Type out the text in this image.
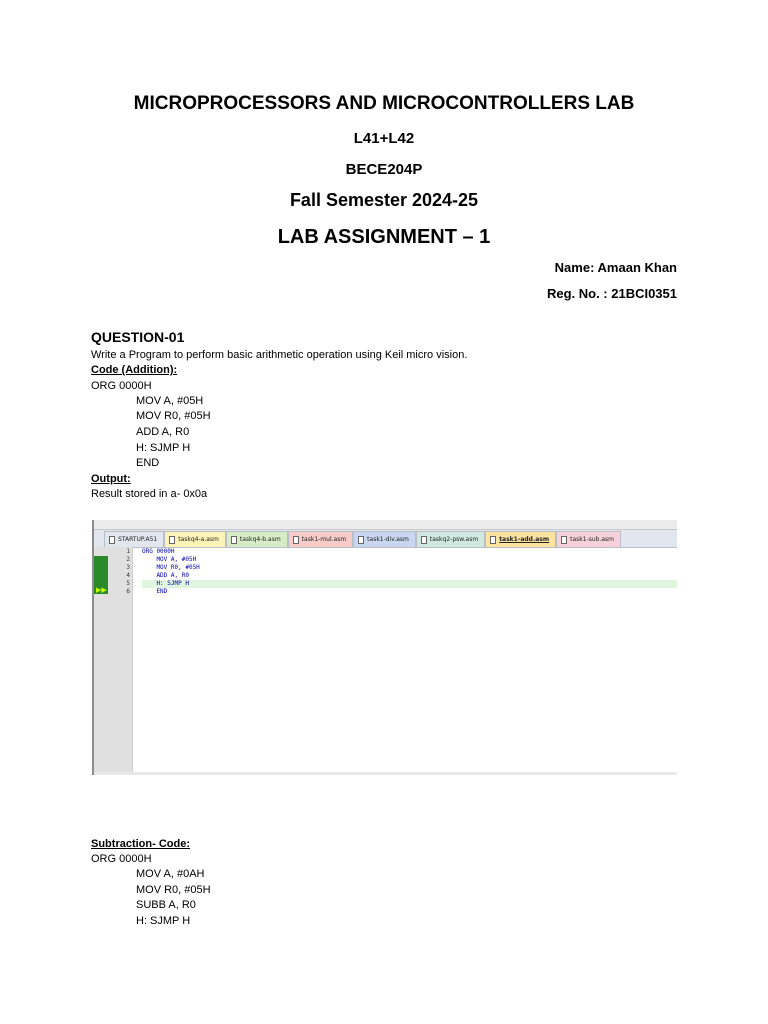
MICROPROCESSORS AND MICROCONTROLLERS LAB
L41+L42
BECE204P
Fall Semester 2024-25
LAB ASSIGNMENT – 1
Name: Amaan Khan
Reg. No. : 21BCI0351
QUESTION-01
Write a Program to perform basic arithmetic operation using Keil micro vision.
Code (Addition):
ORG 0000H
MOV A, #05H
MOV R0, #05H
ADD A, R0
H: SJMP H
END
Output:
Result stored in a- 0x0a
STARTUP.A51	taskq4-a.asm	taskq4-b.asm	task1-mul.asm	task1-div.asm	taskq2-psw.asm	task1-add.asm	task1-sub.asm
▶▶
1
2
3
4
5
6
ORG 0000H
MOV A, #05H
MOV R0, #05H
ADD A, R0
H: SJMP H
END
Subtraction- Code:
ORG 0000H
MOV A, #0AH
MOV R0, #05H
SUBB A, R0
H: SJMP H
